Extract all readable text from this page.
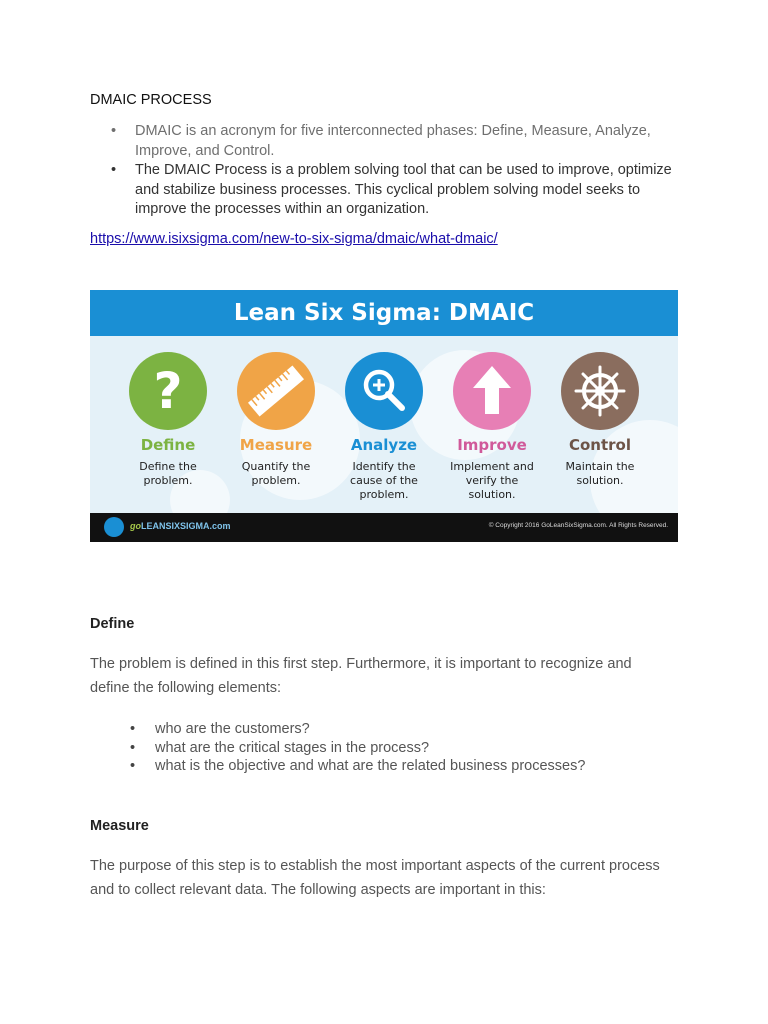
DMAIC PROCESS
• DMAIC is an acronym for five interconnected phases: Define, Measure, Analyze, Improve, and Control.
• The DMAIC Process is a problem solving tool that can be used to improve, optimize and stabilize business processes. This cyclical problem solving model seeks to improve the processes within an organization.
https://www.isixsigma.com/new-to-six-sigma/dmaic/what-dmaic/
Lean Six Sigma: DMAIC
?
Define
Define the problem.
Measure
Quantify the problem.
Analyze
Identify the cause of the problem.
Improve
Implement and verify the solution.
Control
Maintain the solution.
goLEANSIXSIGMA.com	© Copyright 2016 GoLeanSixSigma.com. All Rights Reserved.
Define
The problem is defined in this first step. Furthermore, it is important to recognize and define the following elements:
• who are the customers?
• what are the critical stages in the process?
• what is the objective and what are the related business processes?
Measure
The purpose of this step is to establish the most important aspects of the current process and to collect relevant data. The following aspects are important in this:
